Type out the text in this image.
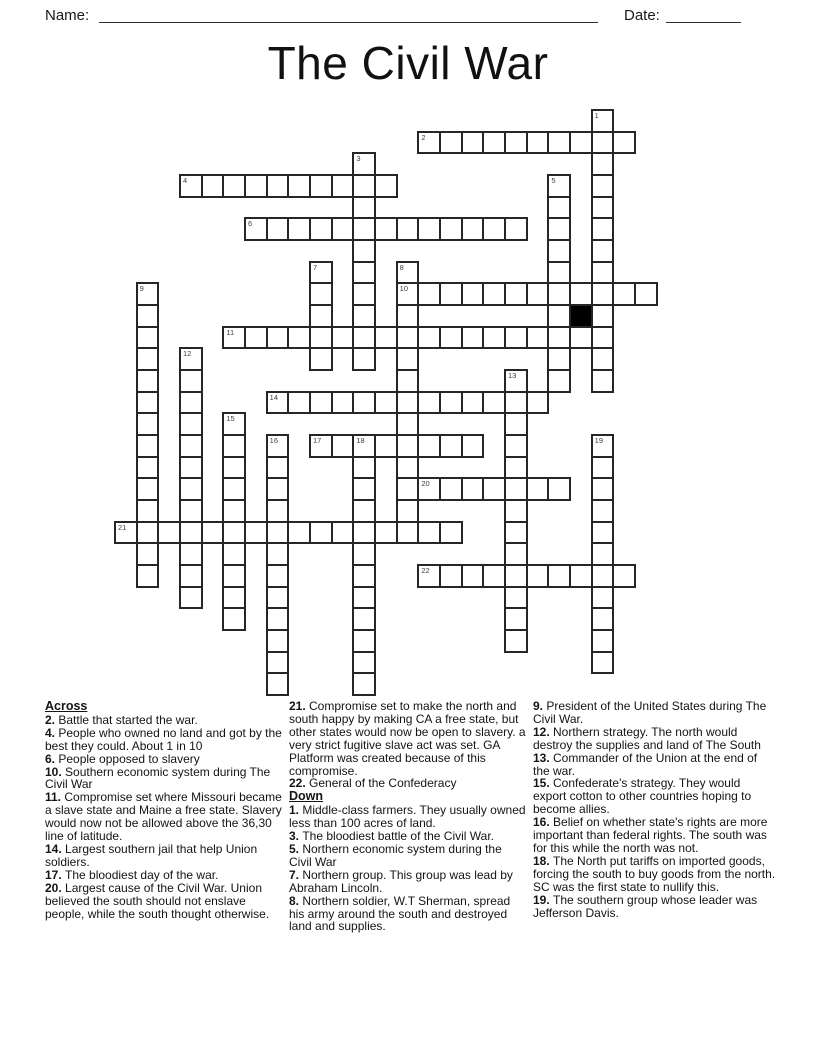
Name:	Date:
The Civil War
2
4
6
10
11
14
17	18
20
21
22
1
3
5
7	8
9
12
13
15
16	19
Across
2. Battle that started the war.
4. People who owned no land and got by the best they could. About 1 in 10
6. People opposed to slavery
10. Southern economic system during The Civil War
11. Compromise set where Missouri became a slave state and Maine a free state. Slavery would now not be allowed above the 36,30 line of latitude.
14. Largest southern jail that help Union soldiers.
17. The bloodiest day of the war.
20. Largest cause of the Civil War. Union believed the south should not enslave people, while the south thought otherwise.
21. Compromise set to make the north and south happy by making CA a free state, but other states would now be open to slavery. a very strict fugitive slave act was set. GA Platform was created because of this compromise.
22. General of the Confederacy
Down
1. Middle-class farmers. They usually owned less than 100 acres of land.
3. The bloodiest battle of the Civil War.
5. Northern economic system during the Civil War
7. Northern group. This group was lead by Abraham Lincoln.
8. Northern soldier, W.T Sherman, spread his army around the south and destroyed land and supplies.
9. President of the United States during The Civil War.
12. Northern strategy. The north would destroy the supplies and land of The South
13. Commander of the Union at the end of the war.
15. Confederate's strategy. They would export cotton to other countries hoping to become allies.
16. Belief on whether state's rights are more important than federal rights. The south was for this while the north was not.
18. The North put tariffs on imported goods, forcing the south to buy goods from the north. SC was the first state to nullify this.
19. The southern group whose leader was Jefferson Davis.
